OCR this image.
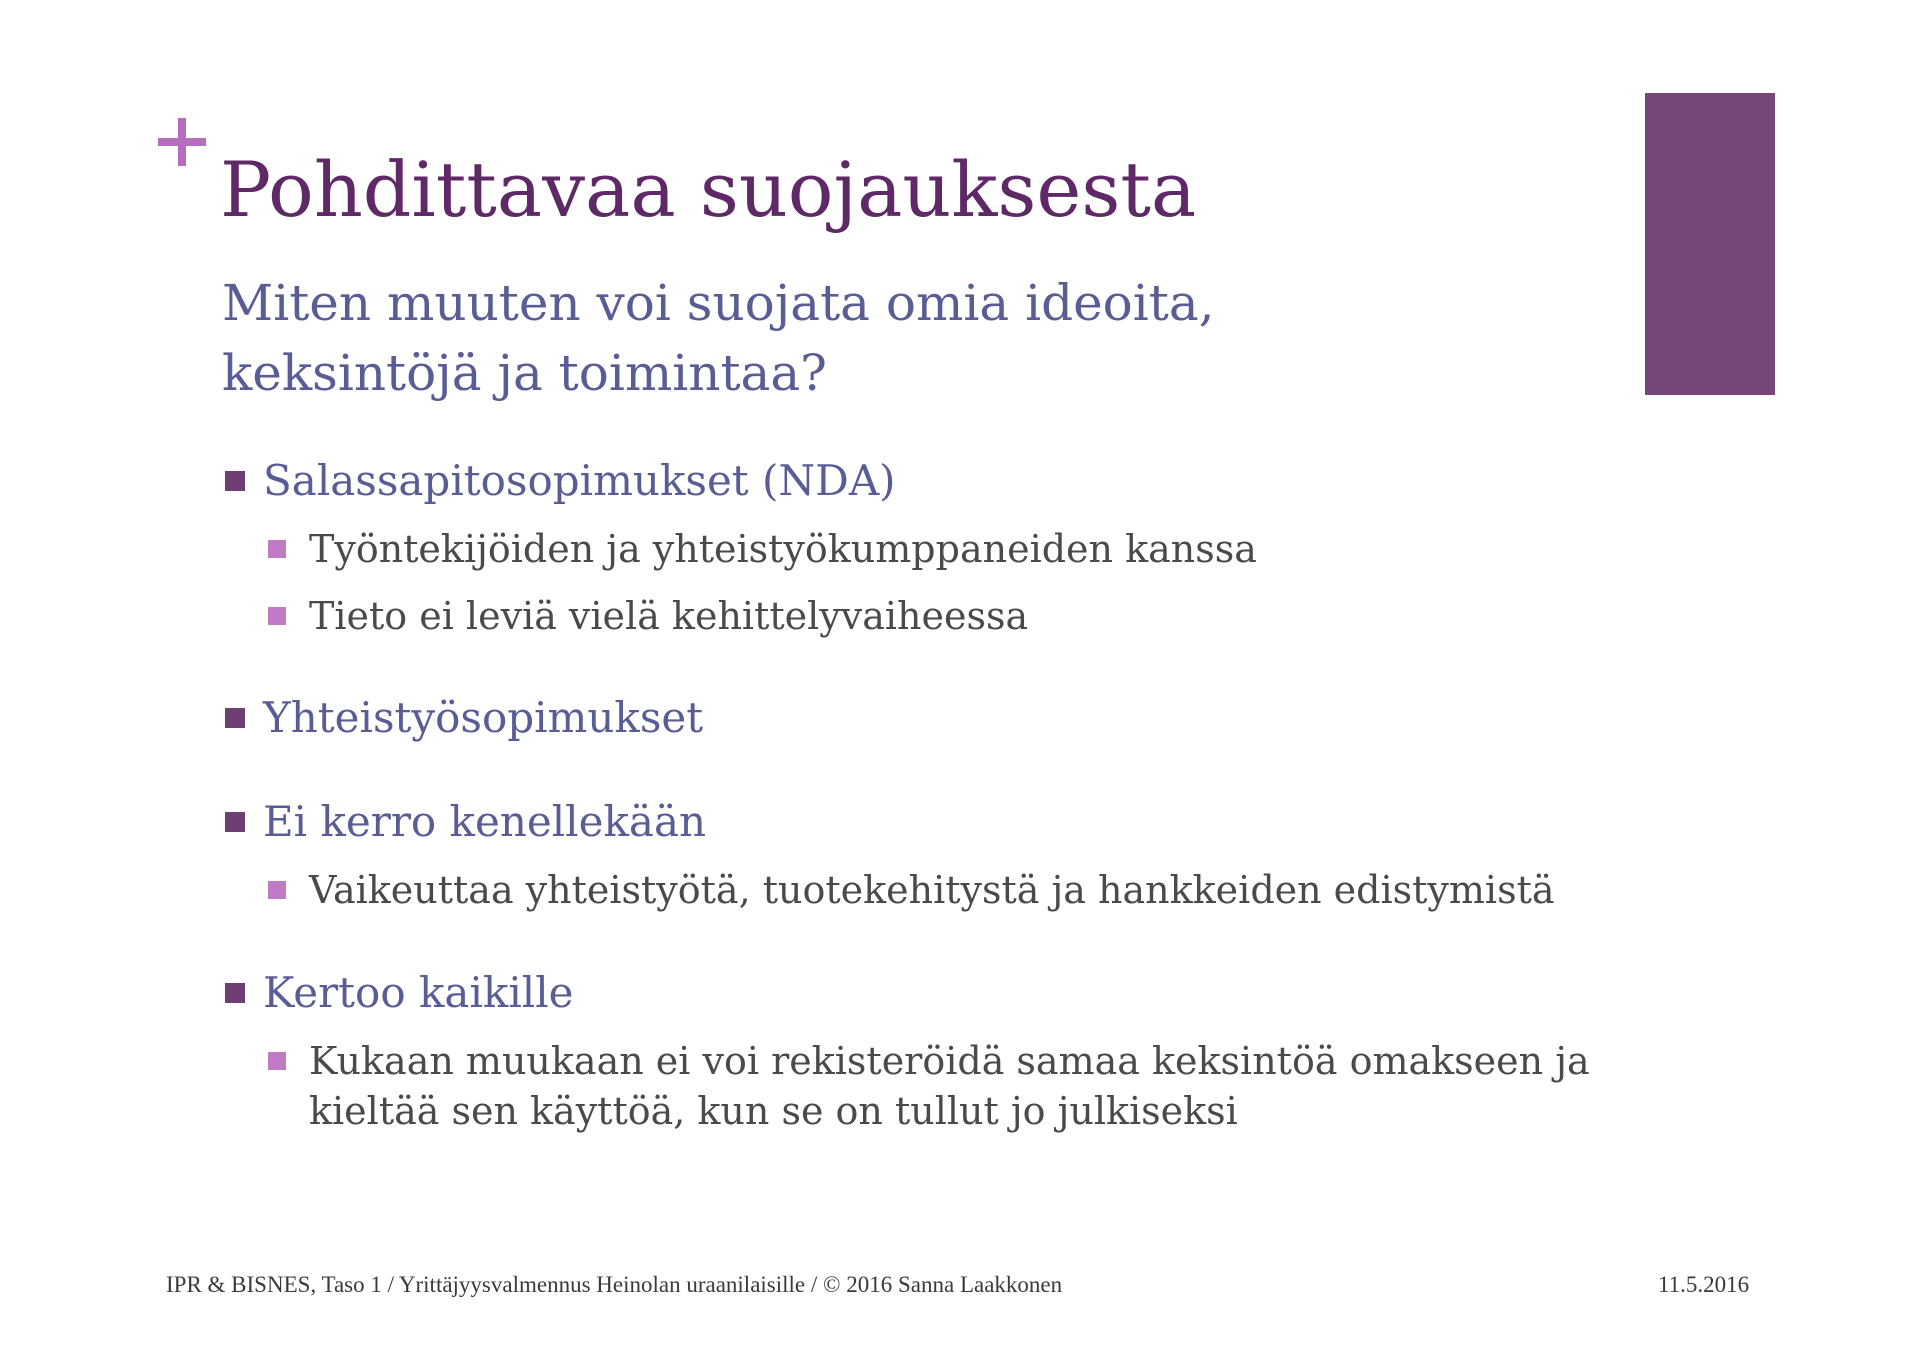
Pohdittavaa suojauksesta
Miten muuten voi suojata omia ideoita,
keksintöjä ja toimintaa?
Salassapitosopimukset (NDA)
Työntekijöiden ja yhteistyökumppaneiden kanssa
Tieto ei leviä vielä kehittelyvaiheessa
Yhteistyösopimukset
Ei kerro kenellekään
Vaikeuttaa yhteistyötä, tuotekehitystä ja hankkeiden edistymistä
Kertoo kaikille
Kukaan muukaan ei voi rekisteröidä samaa keksintöä omakseen ja
kieltää sen käyttöä, kun se on tullut jo julkiseksi
IPR & BISNES, Taso 1 / Yrittäjyysvalmennus Heinolan uraanilaisille / © 2016 Sanna Laakkonen	11.5.2016
